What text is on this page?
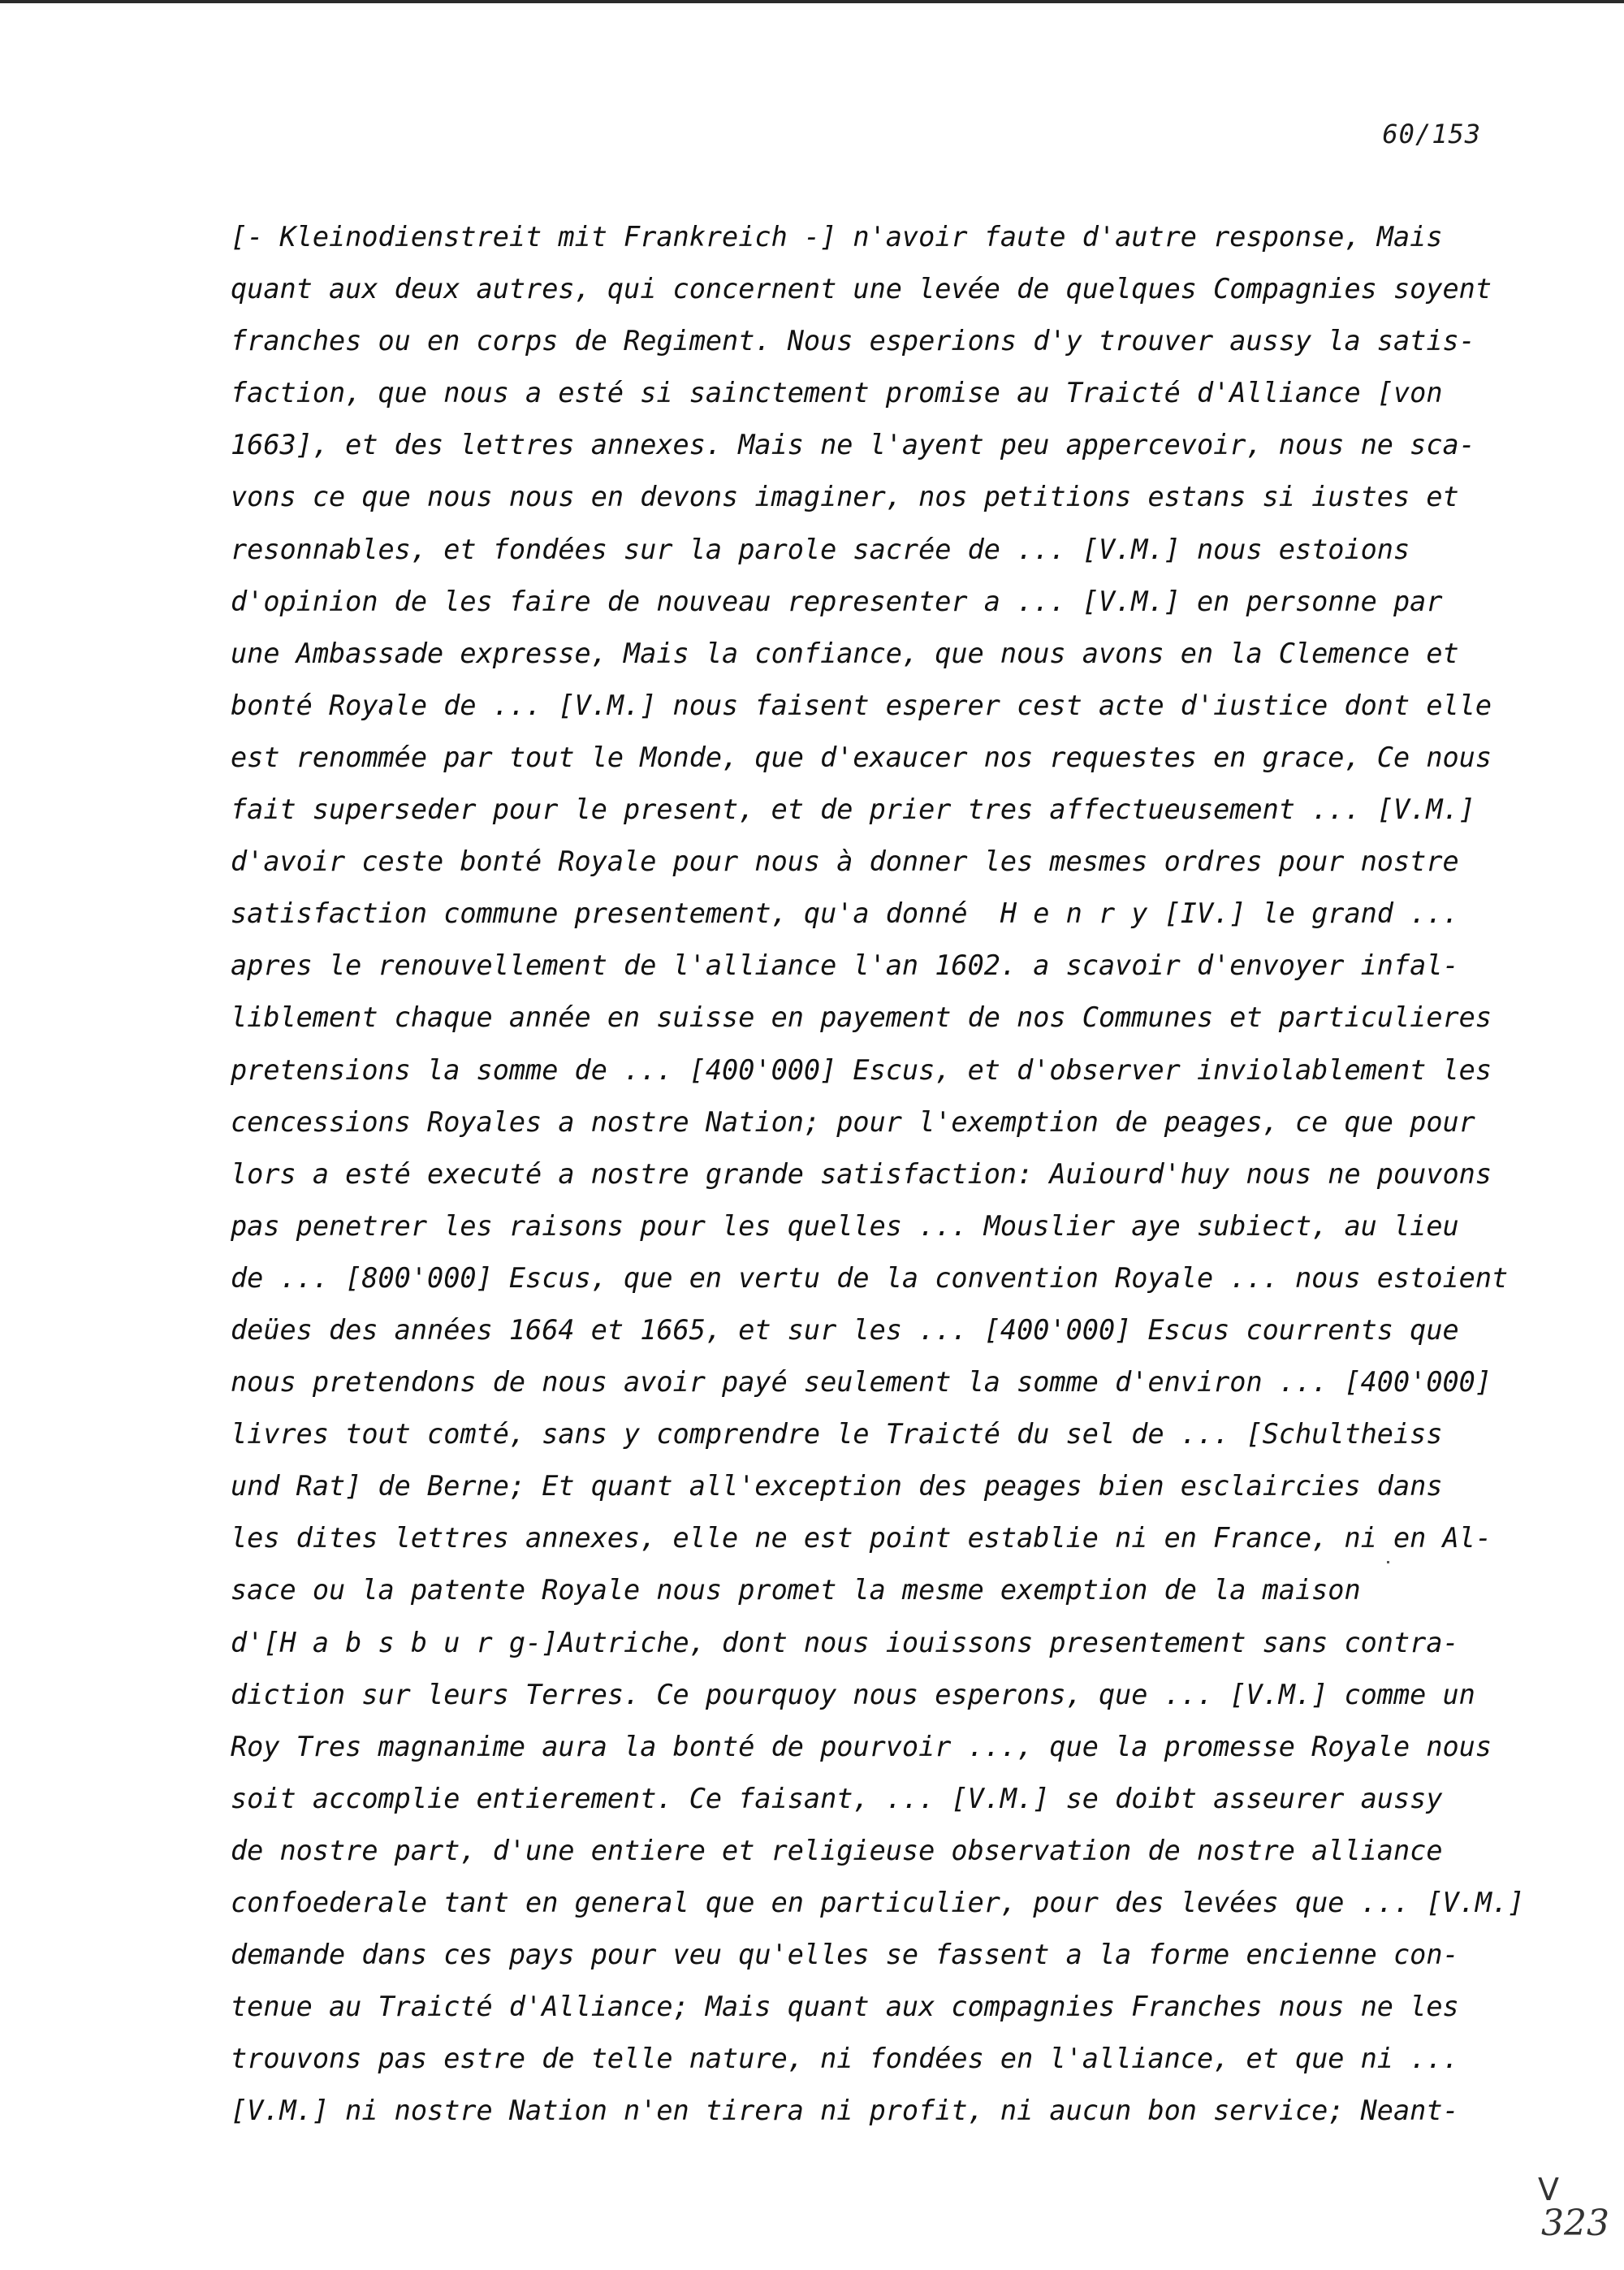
60/153
[- Kleinodienstreit mit Frankreich -] n'avoir faute d'autre response, Mais
quant aux deux autres, qui concernent une levée de quelques Compagnies soyent
franches ou en corps de Regiment. Nous esperions d'y trouver aussy la satis-
faction, que nous a esté si sainctement promise au Traicté d'Alliance [von
1663], et des lettres annexes. Mais ne l'ayent peu appercevoir, nous ne sca-
vons ce que nous nous en devons imaginer, nos petitions estans si iustes et
resonnables, et fondées sur la parole sacrée de ... [V.M.] nous estoions
d'opinion de les faire de nouveau representer a ... [V.M.] en personne par
une Ambassade expresse, Mais la confiance, que nous avons en la Clemence et
bonté Royale de ... [V.M.] nous faisent esperer cest acte d'iustice dont elle
est renommée par tout le Monde, que d'exaucer nos requestes en grace, Ce nous
fait superseder pour le present, et de prier tres affectueusement ... [V.M.]
d'avoir ceste bonté Royale pour nous à donner les mesmes ordres pour nostre
satisfaction commune presentement, qu'a donné  H e n r y [IV.] le grand ...
apres le renouvellement de l'alliance l'an 1602. a scavoir d'envoyer infal-
liblement chaque année en suisse en payement de nos Communes et particulieres
pretensions la somme de ... [400'000] Escus, et d'observer inviolablement les
cencessions Royales a nostre Nation; pour l'exemption de peages, ce que pour
lors a esté executé a nostre grande satisfaction: Auiourd'huy nous ne pouvons
pas penetrer les raisons pour les quelles ... Mouslier aye subiect, au lieu
de ... [800'000] Escus, que en vertu de la convention Royale ... nous estoient
deües des années 1664 et 1665, et sur les ... [400'000] Escus courrents que
nous pretendons de nous avoir payé seulement la somme d'environ ... [400'000]
livres tout comté, sans y comprendre le Traicté du sel de ... [Schultheiss
und Rat] de Berne; Et quant all'exception des peages bien esclaircies dans
les dites lettres annexes, elle ne est point establie ni en France, ni en Al-
sace ou la patente Royale nous promet la mesme exemption de la maison
d'[H a b s b u r g-]Autriche, dont nous iouissons presentement sans contra-
diction sur leurs Terres. Ce pourquoy nous esperons, que ... [V.M.] comme un
Roy Tres magnanime aura la bonté de pourvoir ..., que la promesse Royale nous
soit accomplie entierement. Ce faisant, ... [V.M.] se doibt asseurer aussy
de nostre part, d'une entiere et religieuse observation de nostre alliance
confoederale tant en general que en particulier, pour des levées que ... [V.M.]
demande dans ces pays pour veu qu'elles se fassent a la forme encienne con-
tenue au Traicté d'Alliance; Mais quant aux compagnies Franches nous ne les
trouvons pas estre de telle nature, ni fondées en l'alliance, et que ni ...
[V.M.] ni nostre Nation n'en tirera ni profit, ni aucun bon service; Neant-
V
323
